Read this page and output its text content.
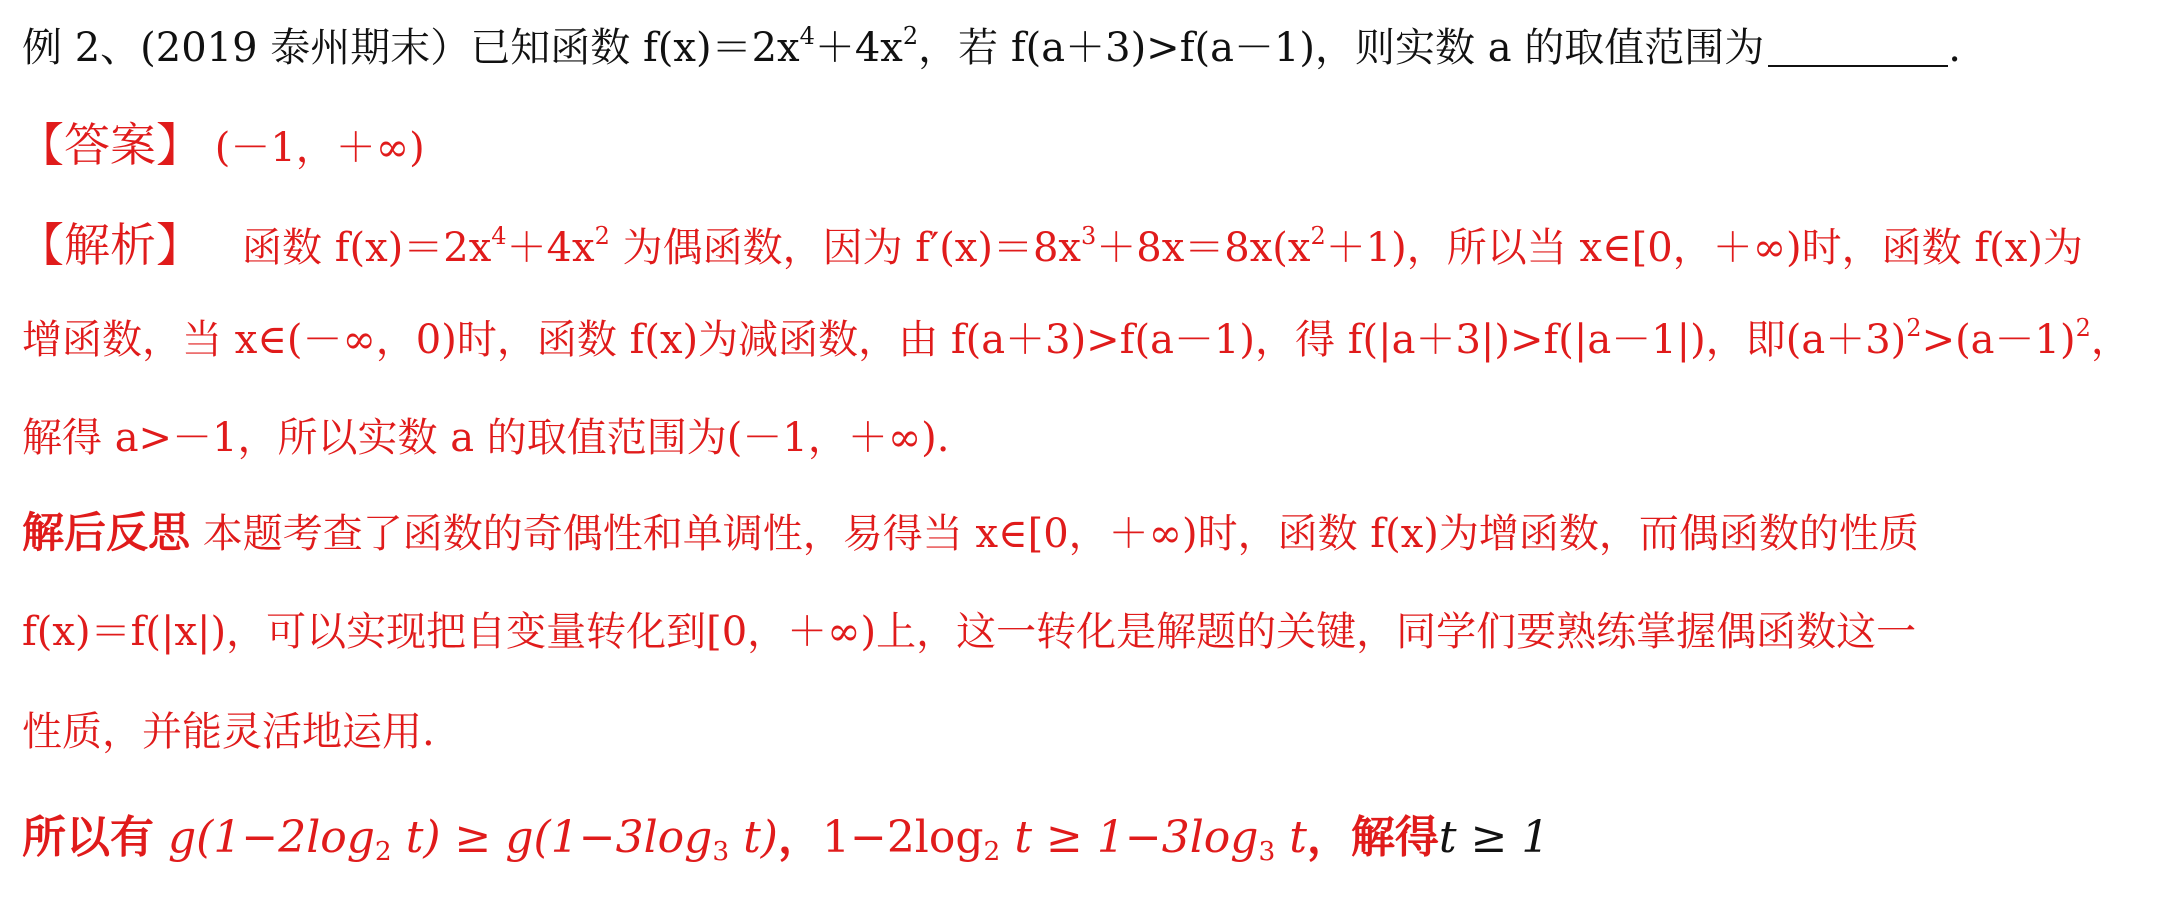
例 2、(2019 泰州期末）已知函数 $f(x)=2x^4+4x^2$，若 f(a＋3)>f(a－1)，则实数 a 的取值范围为	.
【答案】 (－1，＋∞)
【解析】 函数 $f(x)=2x^4+4x^2$ 为偶函数，因为 $f'(x)=8x^3+8x=8x(x^2+1)$，所以当 x∈[0，＋∞)时，函数 f(x)为
增函数，当 x∈(－∞，0)时，函数 f(x)为减函数，由 f(a＋3)>f(a－1)，得 f(|a＋3|)>f(|a－1|)，即$(a+3)^2>(a-1)^2$，
解得 a>－1，所以实数 a 的取值范围为(－1，＋∞).
解后反思 本题考查了函数的奇偶性和单调性，易得当 x∈[0，＋∞)时，函数 f(x)为增函数，而偶函数的性质
f(x)＝f(|x|)，可以实现把自变量转化到[0，＋∞)上，这一转化是解题的关键，同学们要熟练掌握偶函数这一
性质，并能灵活地运用.
所以有 $g(1-2\log_2$ $t) \ge g(1-3\log_3$ t)，$1-2\log_2$ $t \ge 1-3\log_3$ t，解得t ≥ 1
